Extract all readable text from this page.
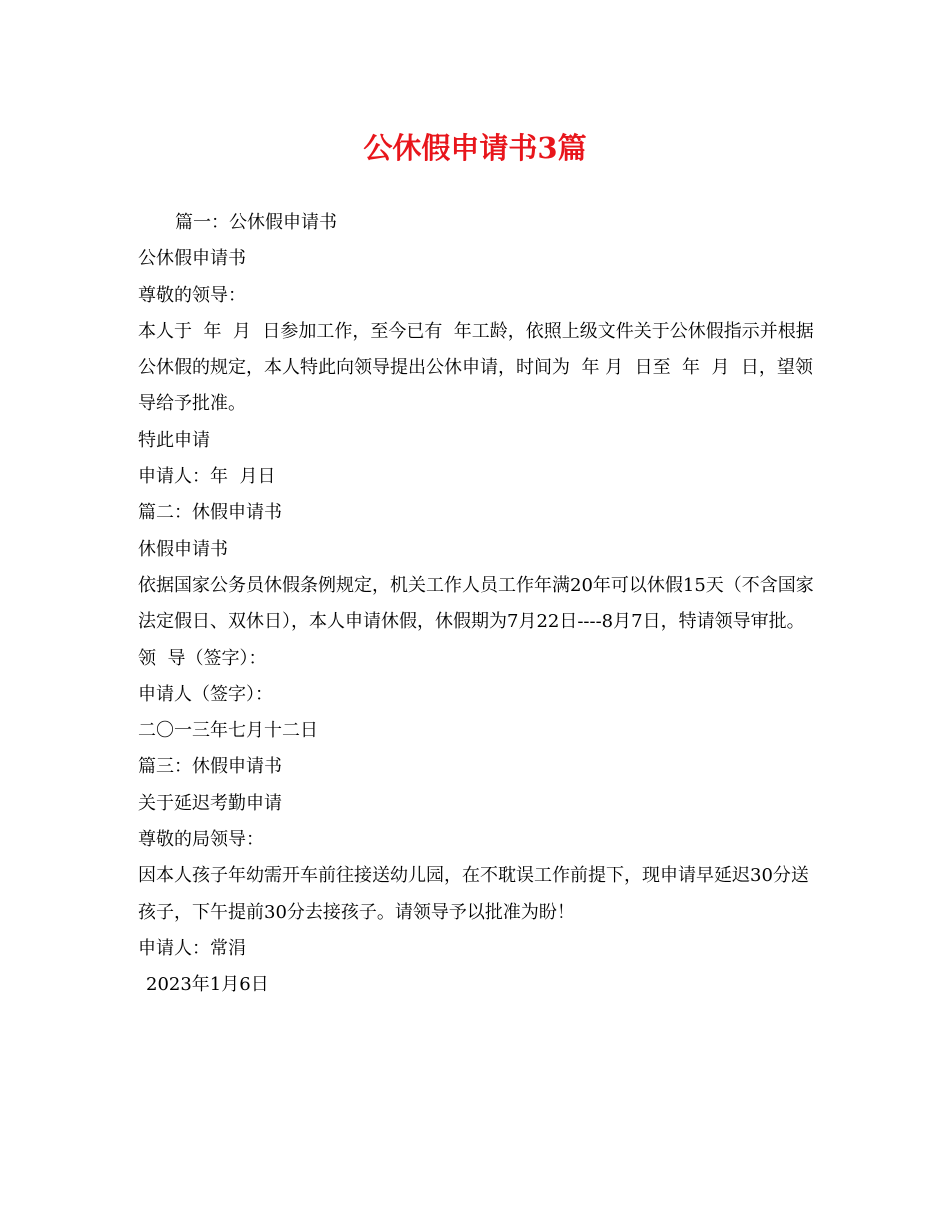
公休假申请书3篇

篇一：公休假申请书

公休假申请书

尊敬的领导：

本人于  年  月  日参加工作，至今已有  年工龄，依照上级文件关于公休假指示并根据公休假的规定，本人特此向领导提出公休申请，时间为  年 月  日至  年  月  日，望领导给予批准。

特此申请

申请人：年  月日

篇二：休假申请书

休假申请书

依据国家公务员休假条例规定，机关工作人员工作年满20年可以休假15天（不含国家法定假日、双休日），本人申请休假，休假期为7月22日----8月7日，特请领导审批。

领  导（签字）：

申请人（签字）：

二〇一三年七月十二日

篇三：休假申请书

关于延迟考勤申请

尊敬的局领导：

因本人孩子年幼需开车前往接送幼儿园，在不耽误工作前提下，现申请早延迟30分送孩子，下午提前30分去接孩子。请领导予以批准为盼！

申请人：常涓

2023年1月6日
